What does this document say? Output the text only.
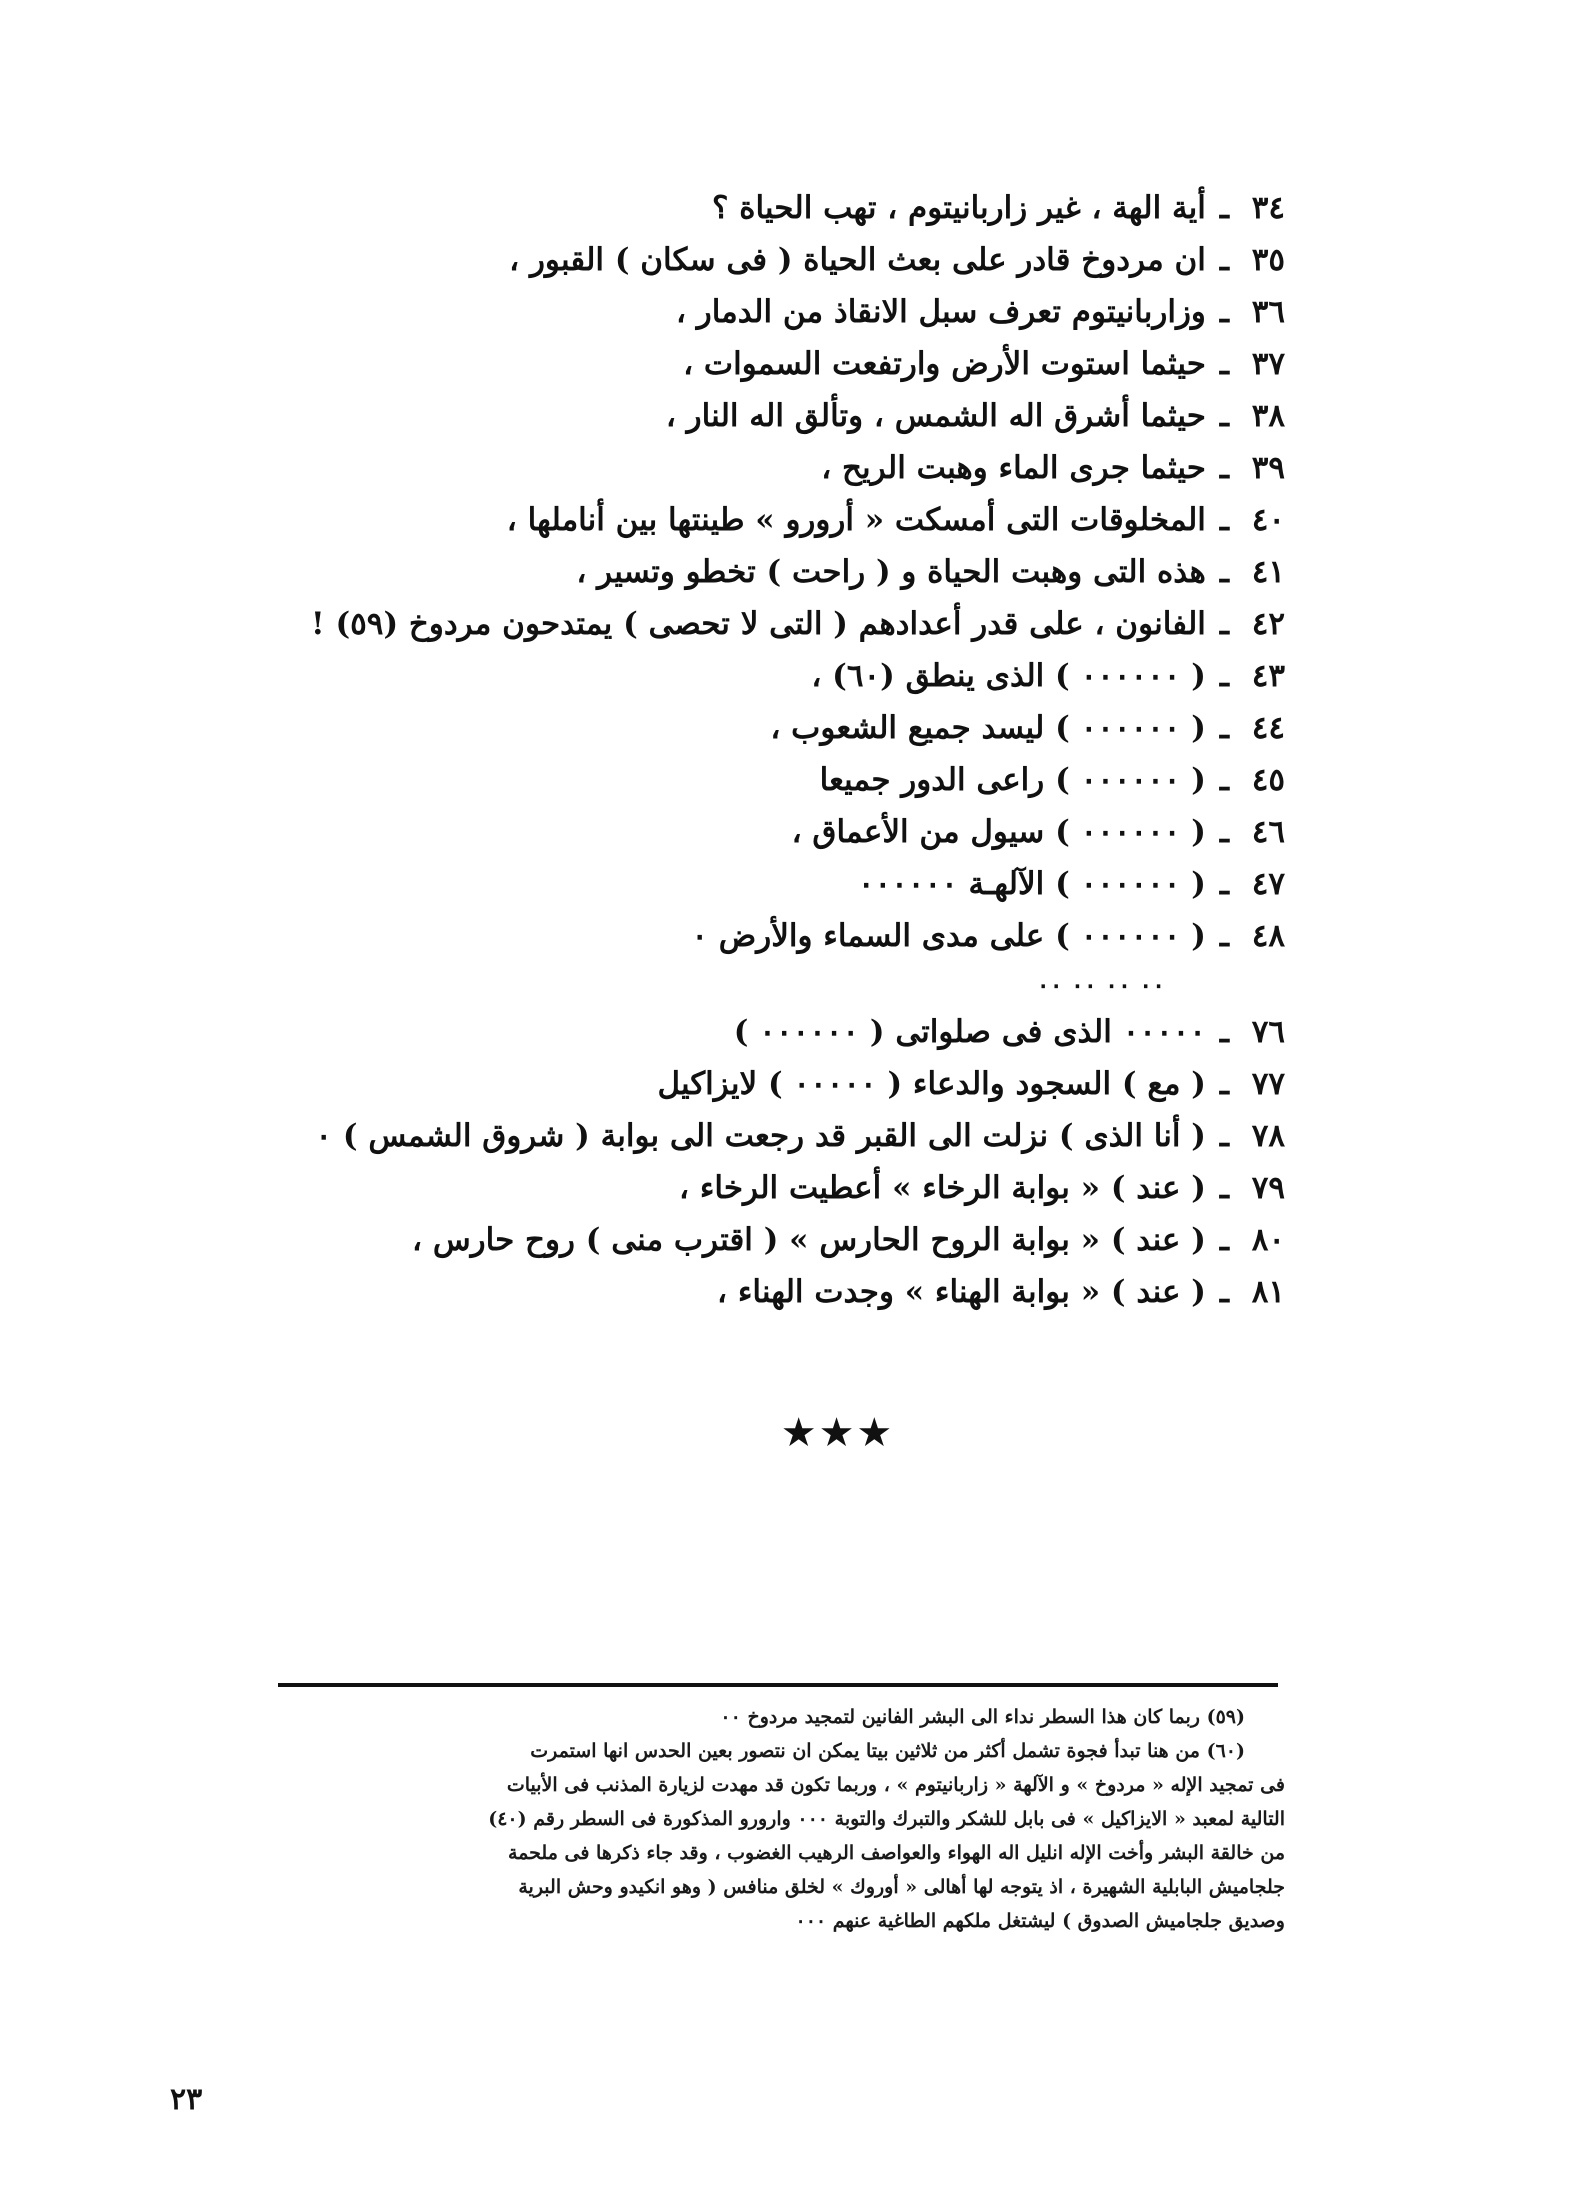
٣٤
ـ
أية الهة ، غير زاربانيتوم ، تهب الحياة ؟
٣٥
ـ
ان مردوخ قادر على بعث الحياة ( فى سكان ) القبور ،
٣٦
ـ
وزاربانيتوم تعرف سبل الانقاذ من الدمار ،
٣٧
ـ
حيثما استوت الأرض وارتفعت السموات ،
٣٨
ـ
حيثما أشرق اله الشمس ، وتألق اله النار ،
٣٩
ـ
حيثما جرى الماء وهبت الريح ،
٤٠
ـ
المخلوقات التى أمسكت « أرورو » طينتها بين أناملها ،
٤١
ـ
هذه التى وهبت الحياة و ( راحت ) تخطو وتسير ،
٤٢
ـ
الفانون ، على قدر أعدادهم ( التى لا تحصى ) يمتدحون مردوخ (٥٩) !
٤٣
ـ
( ٠٠٠٠٠٠ ) الذى ينطق (٦٠) ،
٤٤
ـ
( ٠٠٠٠٠٠ ) ليسد جميع الشعوب ،
٤٥
ـ
( ٠٠٠٠٠٠ ) راعى الدور جميعا
٤٦
ـ
( ٠٠٠٠٠٠ ) سيول من الأعماق ،
٤٧
ـ
( ٠٠٠٠٠٠ ) الآلهـة ٠٠٠٠٠٠
٤٨
ـ
( ٠٠٠٠٠٠ ) على مدى السماء والأرض ٠
٠٠ ٠٠ ٠٠ ٠٠
٧٦
ـ
٠٠٠٠٠ الذى فى صلواتى ( ٠٠٠٠٠٠ )
٧٧
ـ
( مع ) السجود والدعاء ( ٠٠٠٠٠ ) لايزاكيل
٧٨
ـ
( أنا الذى ) نزلت الى القبر قد رجعت الى بوابة ( شروق الشمس ) ٠
٧٩
ـ
( عند ) « بوابة الرخاء » أعطيت الرخاء ،
٨٠
ـ
( عند ) « بوابة الروح الحارس » ( اقترب منى ) روح حارس ،
٨١
ـ
( عند ) « بوابة الهناء » وجدت الهناء ،
★★★
(٥٩) ربما كان هذا السطر نداء الى البشر الفانين لتمجيد مردوخ ٠٠
(٦٠) من هنا تبدأ فجوة تشمل أكثر من ثلاثين بيتا يمكن ان نتصور بعين الحدس انها استمرت
فى تمجيد الإله « مردوخ » و الآلهة « زاربانيتوم » ، وربما تكون قد مهدت لزيارة المذنب فى الأبيات
التالية لمعبد « الايزاكيل » فى بابل للشكر والتبرك والتوبة ٠٠٠ وارورو المذكورة فى السطر رقم (٤٠)
من خالقة البشر وأخت الإله انليل اله الهواء والعواصف الرهيب الغضوب ، وقد جاء ذكرها فى ملحمة
جلجاميش البابلية الشهيرة ، اذ يتوجه لها أهالى « أوروك » لخلق منافس ( وهو انكيدو وحش البرية
وصديق جلجاميش الصدوق ) ليشتغل ملكهم الطاغية عنهم ٠٠٠
٢٣
